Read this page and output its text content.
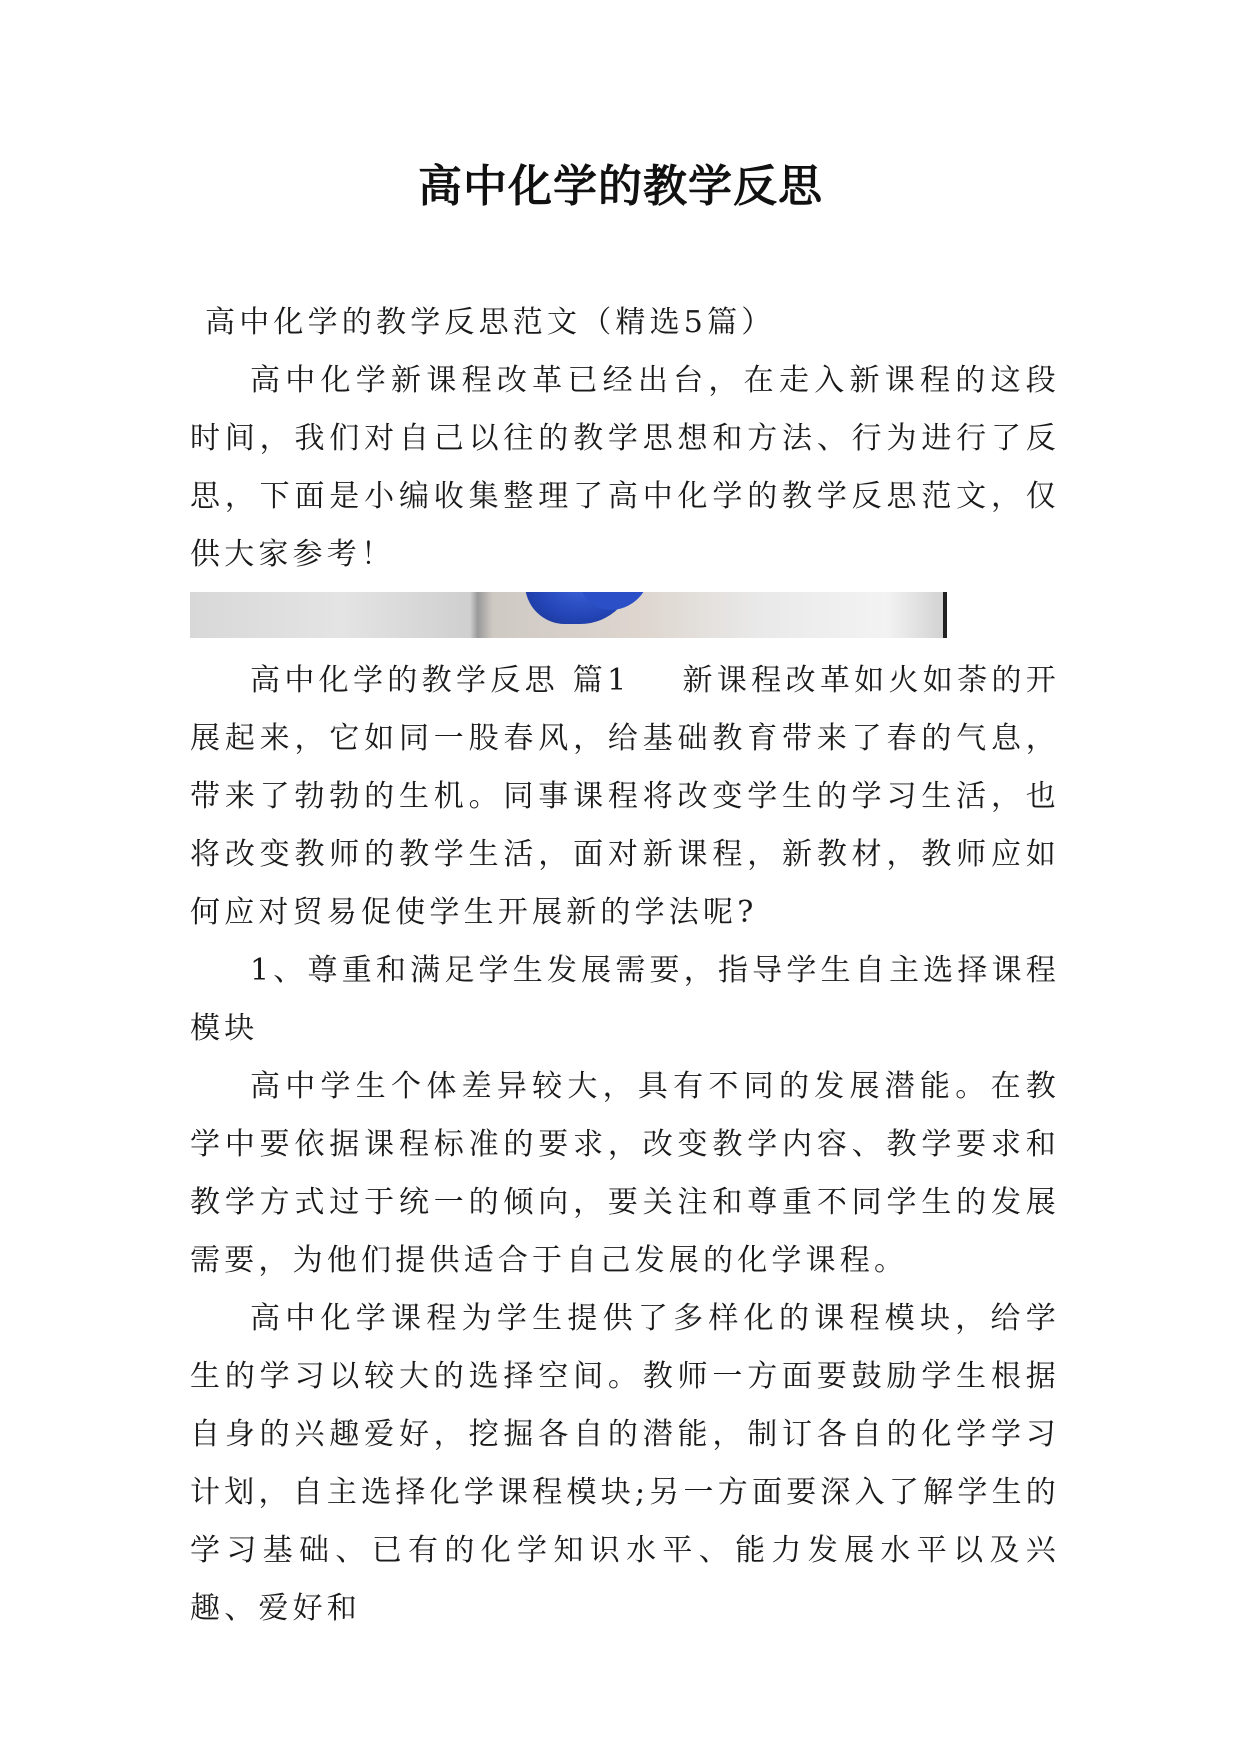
高中化学的教学反思

高中化学的教学反思范文（精选5篇）

高中化学新课程改革已经出台，在走入新课程的这段时间，我们对自己以往的教学思想和方法、行为进行了反思，下面是小编收集整理了高中化学的教学反思范文，仅供大家参考！

高中化学的教学反思 篇1 新课程改革如火如荼的开展起来，它如同一股春风，给基础教育带来了春的气息，带来了勃勃的生机。同事课程将改变学生的学习生活，也将改变教师的教学生活，面对新课程，新教材，教师应如何应对贸易促使学生开展新的学法呢?

1、尊重和满足学生发展需要，指导学生自主选择课程模块

高中学生个体差异较大，具有不同的发展潜能。在教学中要依据课程标准的要求，改变教学内容、教学要求和教学方式过于统一的倾向，要关注和尊重不同学生的发展需要，为他们提供适合于自己发展的化学课程。

高中化学课程为学生提供了多样化的课程模块，给学生的学习以较大的选择空间。教师一方面要鼓励学生根据自身的兴趣爱好，挖掘各自的潜能，制订各自的化学学习计划，自主选择化学课程模块;另一方面要深入了解学生的学习基础、已有的化学知识水平、能力发展水平以及兴趣、爱好和
